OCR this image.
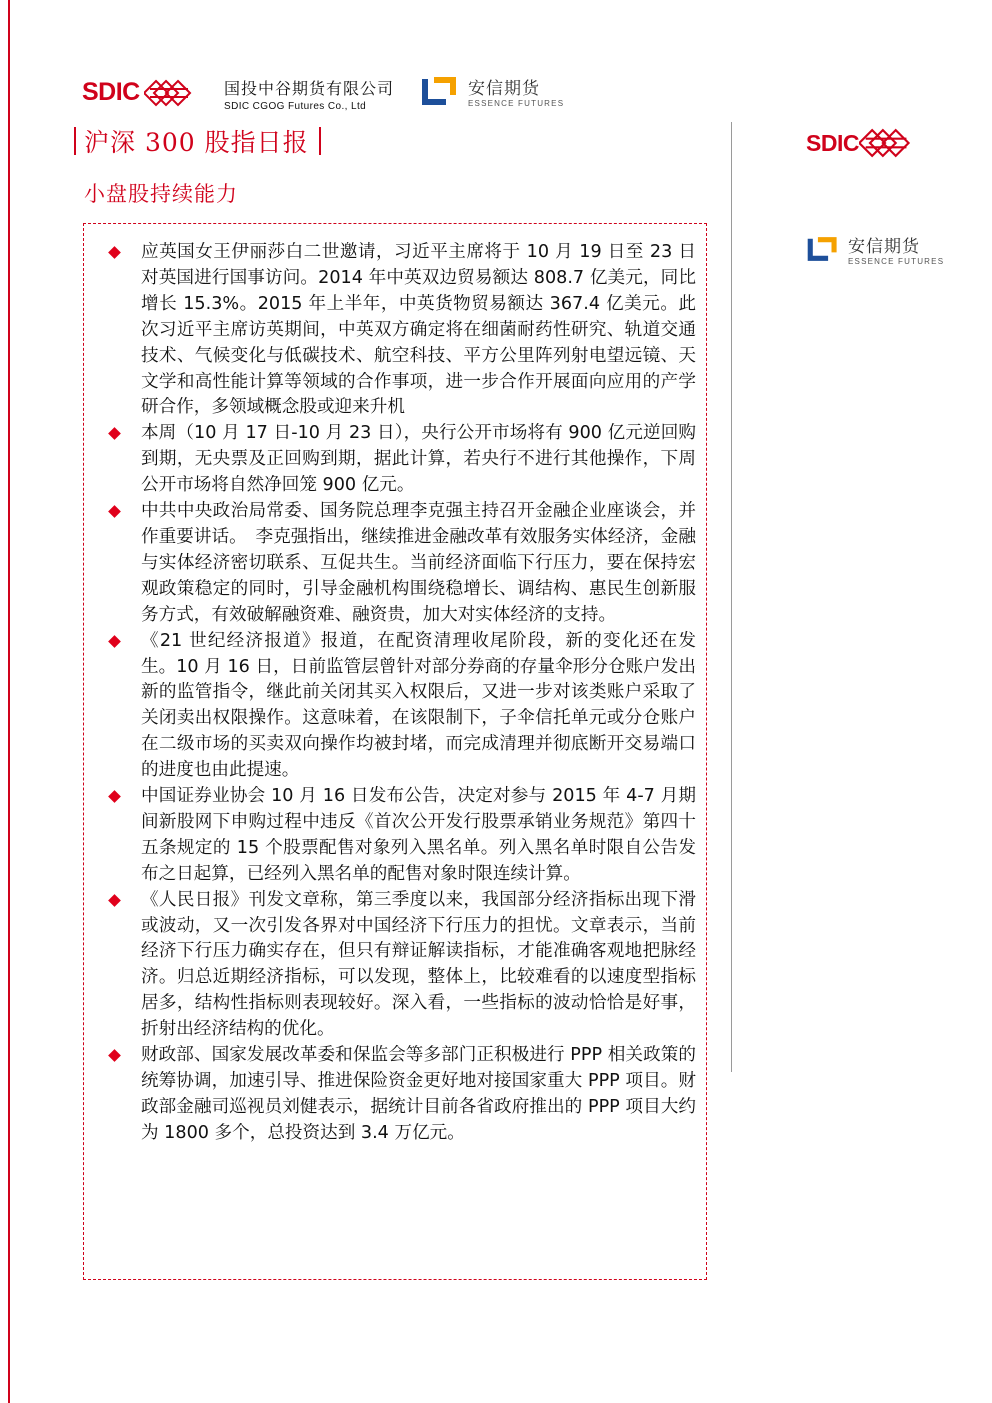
SDIC	国投中谷期货有限公司
SDIC CGOG Futures Co., Ltd
安信期货
ESSENCE FUTURES
沪深 300 股指日报
小盘股持续能力
应英国女王伊丽莎白二世邀请，习近平主席将于 10 月 19 日至 23 日对英国进行国事访问。2014 年中英双边贸易额达 808.7 亿美元，同比增长 15.3%。2015 年上半年，中英货物贸易额达 367.4 亿美元。此次习近平主席访英期间，中英双方确定将在细菌耐药性研究、轨道交通技术、气候变化与低碳技术、航空科技、平方公里阵列射电望远镜、天文学和高性能计算等领域的合作事项，进一步合作开展面向应用的产学研合作，多领域概念股或迎来升机
本周（10 月 17 日-10 月 23 日），央行公开市场将有 900 亿元逆回购到期，无央票及正回购到期，据此计算，若央行不进行其他操作，下周公开市场将自然净回笼 900 亿元。
中共中央政治局常委、国务院总理李克强主持召开金融企业座谈会，并作重要讲话。　李克强指出，继续推进金融改革有效服务实体经济，金融与实体经济密切联系、互促共生。当前经济面临下行压力，要在保持宏观政策稳定的同时，引导金融机构围绕稳增长、调结构、惠民生创新服务方式，有效破解融资难、融资贵，加大对实体经济的支持。
《21 世纪经济报道》报道，在配资清理收尾阶段，新的变化还在发生。10 月 16 日，日前监管层曾针对部分券商的存量伞形分仓账户发出新的监管指令，继此前关闭其买入权限后，又进一步对该类账户采取了关闭卖出权限操作。这意味着，在该限制下，子伞信托单元或分仓账户在二级市场的买卖双向操作均被封堵，而完成清理并彻底断开交易端口的进度也由此提速。
中国证券业协会 10 月 16 日发布公告，决定对参与 2015 年 4-7 月期间新股网下申购过程中违反《首次公开发行股票承销业务规范》第四十五条规定的 15 个股票配售对象列入黑名单。列入黑名单时限自公告发布之日起算，已经列入黑名单的配售对象时限连续计算。
《人民日报》刊发文章称，第三季度以来，我国部分经济指标出现下滑或波动，又一次引发各界对中国经济下行压力的担忧。文章表示，当前经济下行压力确实存在，但只有辩证解读指标，才能准确客观地把脉经济。归总近期经济指标，可以发现，整体上，比较难看的以速度型指标居多，结构性指标则表现较好。深入看，一些指标的波动恰恰是好事，折射出经济结构的优化。
财政部、国家发展改革委和保监会等多部门正积极进行 PPP 相关政策的统筹协调，加速引导、推进保险资金更好地对接国家重大 PPP 项目。财政部金融司巡视员刘健表示，据统计目前各省政府推出的 PPP 项目大约为 1800 多个，总投资达到 3.4 万亿元。
SDIC
安信期货
ESSENCE FUTURES
